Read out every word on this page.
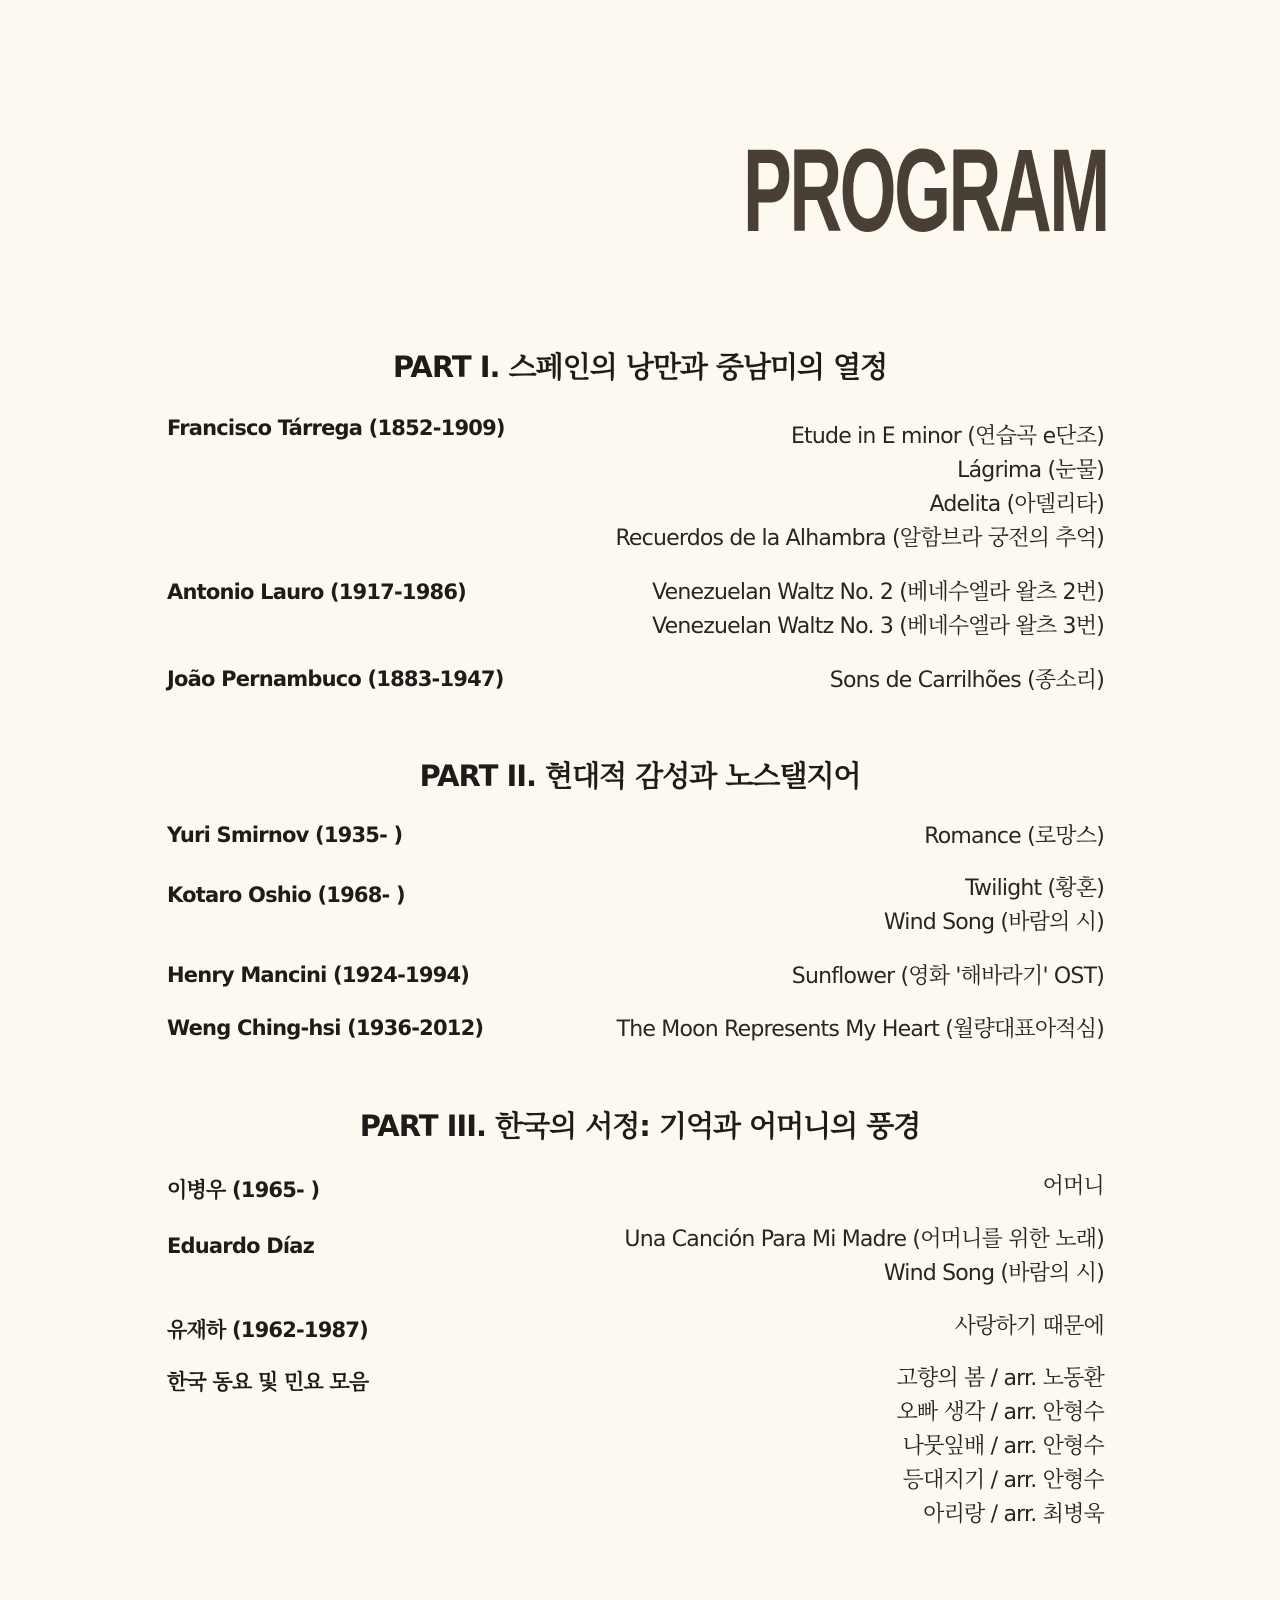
PROGRAM
PART I. 스페인의 낭만과 중남미의 열정
Francisco Tárrega (1852-1909)	Etude in E minor (연습곡 e단조)
Lágrima (눈물)
Adelita (아델리타)
Recuerdos de la Alhambra (알함브라 궁전의 추억)
Antonio Lauro (1917-1986)	Venezuelan Waltz No. 2 (베네수엘라 왈츠 2번)
Venezuelan Waltz No. 3 (베네수엘라 왈츠 3번)
João Pernambuco (1883-1947)	Sons de Carrilhões (종소리)
PART II. 현대적 감성과 노스탤지어
Yuri Smirnov (1935- )	Romance (로망스)
Kotaro Oshio (1968- )	Twilight (황혼)
Wind Song (바람의 시)
Henry Mancini (1924-1994)	Sunflower (영화 '해바라기' OST)
Weng Ching-hsi (1936-2012)	The Moon Represents My Heart (월량대표아적심)
PART III. 한국의 서정: 기억과 어머니의 풍경
이병우 (1965- )	어머니
Eduardo Díaz	Una Canción Para Mi Madre (어머니를 위한 노래)
Wind Song (바람의 시)
유재하 (1962-1987)	사랑하기 때문에
한국 동요 및 민요 모음	고향의 봄 / arr. 노동환
오빠 생각 / arr. 안형수
나뭇잎배 / arr. 안형수
등대지기 / arr. 안형수
아리랑 / arr. 최병욱
